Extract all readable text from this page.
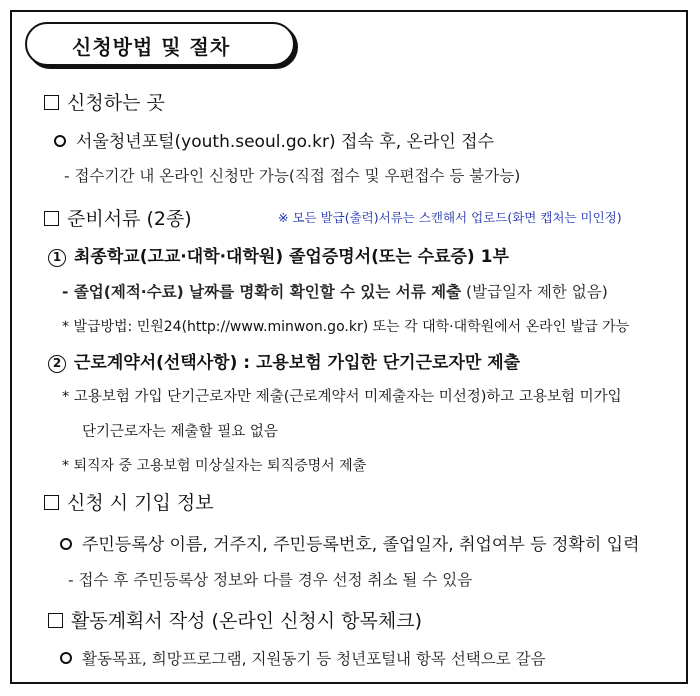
신청방법 및 절차
신청하는 곳
서울청년포털(youth.seoul.go.kr) 접속 후, 온라인 접수
- 접수기간 내 온라인 신청만 가능(직접 접수 및 우편접수 등 불가능)
준비서류 (2종)	※ 모든 발급(출력)서류는 스캔해서 업로드(화면 캡처는 미인정)
1 최종학교(고교·대학·대학원) 졸업증명서(또는 수료증) 1부
- 졸업(제적·수료) 날짜를 명확히 확인할 수 있는 서류 제출 (발급일자 제한 없음)
* 발급방법: 민원24(http://www.minwon.go.kr) 또는 각 대학·대학원에서 온라인 발급 가능
2 근로계약서(선택사항) : 고용보험 가입한 단기근로자만 제출
* 고용보험 가입 단기근로자만 제출(근로계약서 미제출자는 미선정)하고 고용보험 미가입
단기근로자는 제출할 필요 없음
* 퇴직자 중 고용보험 미상실자는 퇴직증명서 제출
신청 시 기입 정보
주민등록상 이름, 거주지, 주민등록번호, 졸업일자, 취업여부 등 정확히 입력
- 접수 후 주민등록상 정보와 다를 경우 선정 취소 될 수 있음
활동계획서 작성 (온라인 신청시 항목체크)
활동목표, 희망프로그램, 지원동기 등 청년포털내 항목 선택으로 갈음
